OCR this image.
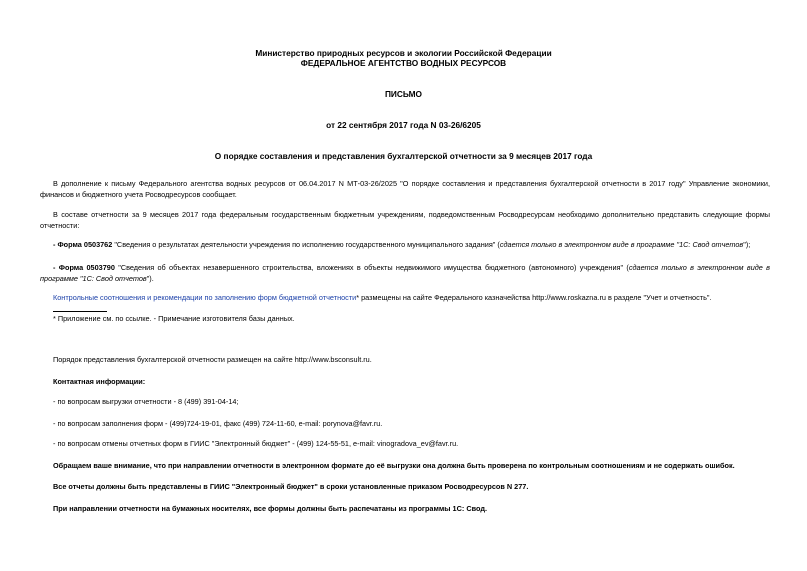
Министерство природных ресурсов и экологии Российской Федерации
ФЕДЕРАЛЬНОЕ АГЕНТСТВО ВОДНЫХ РЕСУРСОВ
ПИСЬМО
от 22 сентября 2017 года N 03-26/6205
О порядке составления и представления бухгалтерской отчетности за 9 месяцев 2017 года
В дополнение к письму Федерального агентства водных ресурсов от 06.04.2017 N МТ-03-26/2025 "О порядке составления и представления бухгалтерской отчетности в 2017 году" Управление экономики, финансов и бюджетного учета Росводресурсов сообщает.
В составе отчетности за 9 месяцев 2017 года федеральным государственным бюджетным учреждениям, подведомственным Росводресурсам необходимо дополнительно представить следующие формы отчетности:
- Форма 0503762 "Сведения о результатах деятельности учреждения по исполнению государственного муниципального задания" (сдается только в электронном виде в программе "1С: Свод отчетов");
- Форма 0503790 "Сведения об объектах незавершенного строительства, вложениях в объекты недвижимого имущества бюджетного (автономного) учреждения" (сдается только в электронном виде в программе "1С: Свод отчетов").
Контрольные соотношения и рекомендации по заполнению форм бюджетной отчетности* размещены на сайте Федерального казначейства http://www.roskazna.ru в разделе "Учет и отчетность".
* Приложение см. по ссылке. - Примечание изготовителя базы данных.
Порядок представления бухгалтерской отчетности размещен на сайте http://www.bsconsult.ru.
Контактная информации:
- по вопросам выгрузки отчетности - 8 (499) 391-04-14;
- по вопросам заполнения форм - (499)724-19-01, факс (499) 724-11-60, e-mail: porynova@favr.ru.
- по вопросам отмены отчетных форм в ГИИС "Электронный бюджет" - (499) 124-55-51, e-mail: vinogradova_ev@favr.ru.
Обращаем ваше внимание, что при направлении отчетности в электронном формате до её выгрузки она должна быть проверена по контрольным соотношениям и не содержать ошибок.
Все отчеты должны быть представлены в ГИИС "Электронный бюджет" в сроки установленные приказом Росводресурсов N 277.
При направлении отчетности на бумажных носителях, все формы должны быть распечатаны из программы 1С: Свод.
